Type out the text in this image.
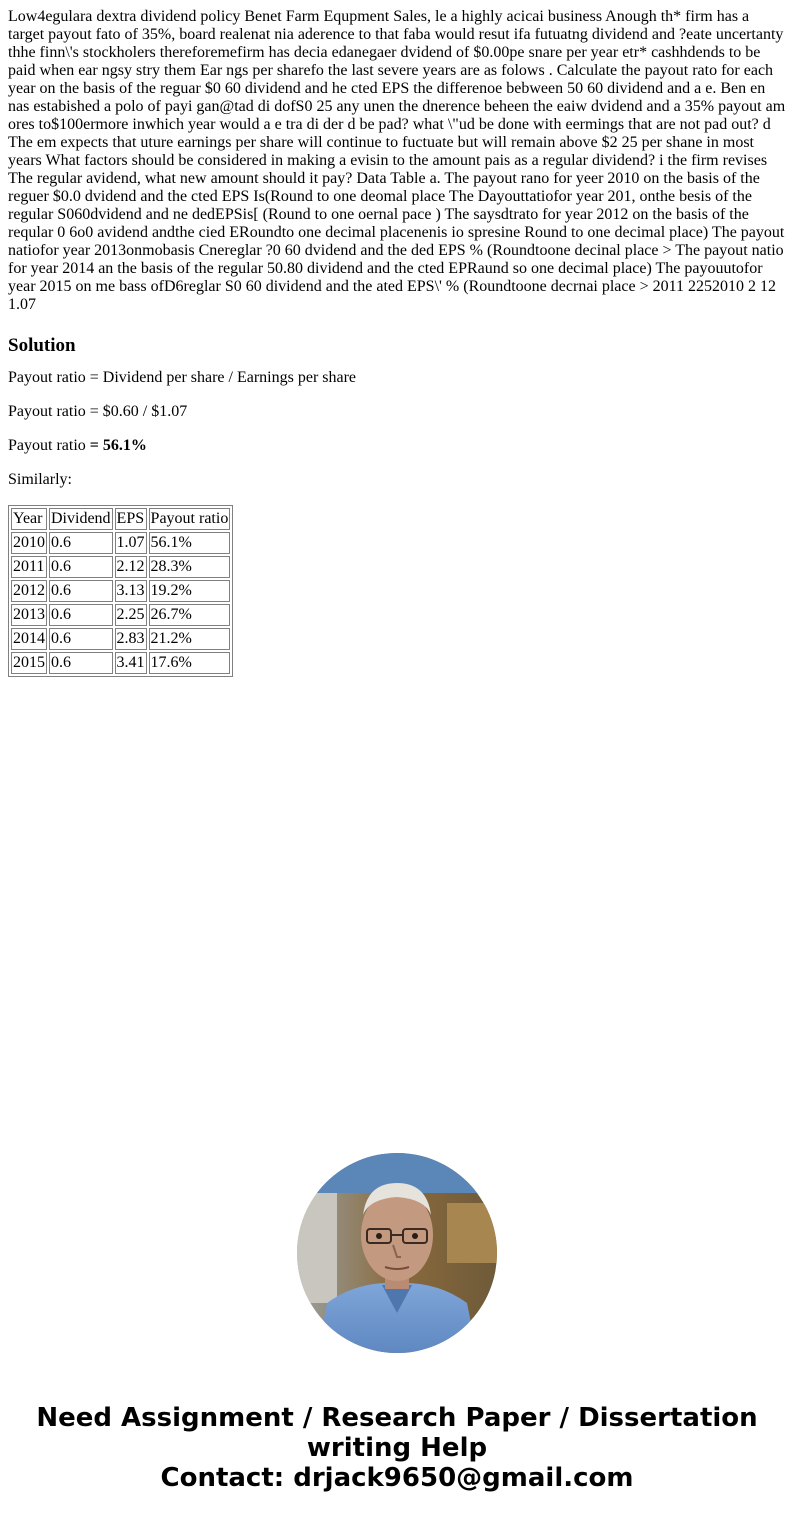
Low4egulara dextra dividend policy Benet Farm Equpment Sales, le a highly acicai business Anough th* firm has a target payout fato of 35%, board realenat nia aderence to that faba would resut ifa futuatng dividend and ?eate uncertanty thhe finn\'s stockholers thereforemefirm has decia edanegaer dvidend of $0.00pe snare per year etr* cashhdends to be paid when ear ngsy stry them Ear ngs per sharefo the last severe years are as folows . Calculate the payout rato for each year on the basis of the reguar $0 60 dividend and he cted EPS the differenoe bebween 50 60 dividend and a e. Ben en nas estabished a polo of payi gan@tad di dofS0 25 any unen the dnerence beheen the eaiw dvidend and a 35% payout am ores to$100ermore inwhich year would a e tra di der d be pad? what \"ud be done with eermings that are not pad out? d The em expects that uture earnings per share will continue to fuctuate but will remain above $2 25 per shane in most years What factors should be considered in making a evisin to the amount pais as a regular dividend? i the firm revises The regular avidend, what new amount should it pay? Data Table a. The payout rano for yeer 2010 on the basis of the reguer $0.0 dvidend and the cted EPS Is(Round to one deomal place The Dayouttatiofor year 201, onthe besis of the regular S060dvidend and ne dedEPSis[ (Round to one oernal pace ) The saysdtrato for year 2012 on the basis of the reqular 0 6o0 avidend andthe cied ERoundto one decimal placenenis io spresine Round to one decimal place) The payout natiofor year 2013onmobasis Cnereglar ?0 60 dvidend and the ded EPS % (Roundtoone decinal place > The payout natio for year 2014 an the basis of the regular 50.80 dividend and the cted EPRaund so one decimal place) The payouutofor year 2015 on me bass ofD6reglar S0 60 dividend and the ated EPS\' % (Roundtoone decrnai place > 2011 2252010 2 12 1.07
Solution

Payout ratio = Dividend per share / Earnings per share

Payout ratio = $0.60 / $1.07

Payout ratio = 56.1%

Similarly:

Year	Dividend	EPS	Payout ratio
2010	0.6	1.07	56.1%
2011	0.6	2.12	28.3%
2012	0.6	3.13	19.2%
2013	0.6	2.25	26.7%
2014	0.6	2.83	21.2%
2015	0.6	3.41	17.6%
Need Assignment / Research Paper / Dissertation
writing Help
Contact: drjack9650@gmail.com
